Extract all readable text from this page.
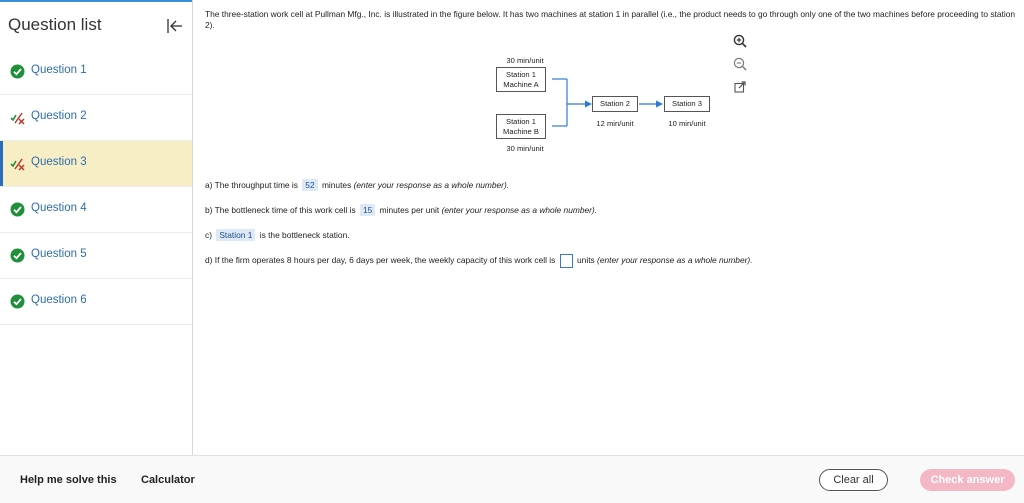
Question list
Question 1
Question 2
Question 3
Question 4
Question 5
Question 6
The three-station work cell at Pullman Mfg., Inc. is illustrated in the figure below. It has two machines at station 1 in parallel (i.e., the product needs to go through only one of the two machines before proceeding to station 2).
30 min/unit
Station 1
Machine A
Station 1
Machine B
30 min/unit
Station 2
12 min/unit
Station 3
10 min/unit
a) The throughput time is 52 minutes (enter your response as a whole number).
b) The bottleneck time of this work cell is 15 minutes per unit (enter your response as a whole number).
c) Station 1 is the bottleneck station.
d) If the firm operates 8 hours per day, 6 days per week, the weekly capacity of this work cell is	units (enter your response as a whole number).
Help me solve this Calculator	Clear all	Check answer
